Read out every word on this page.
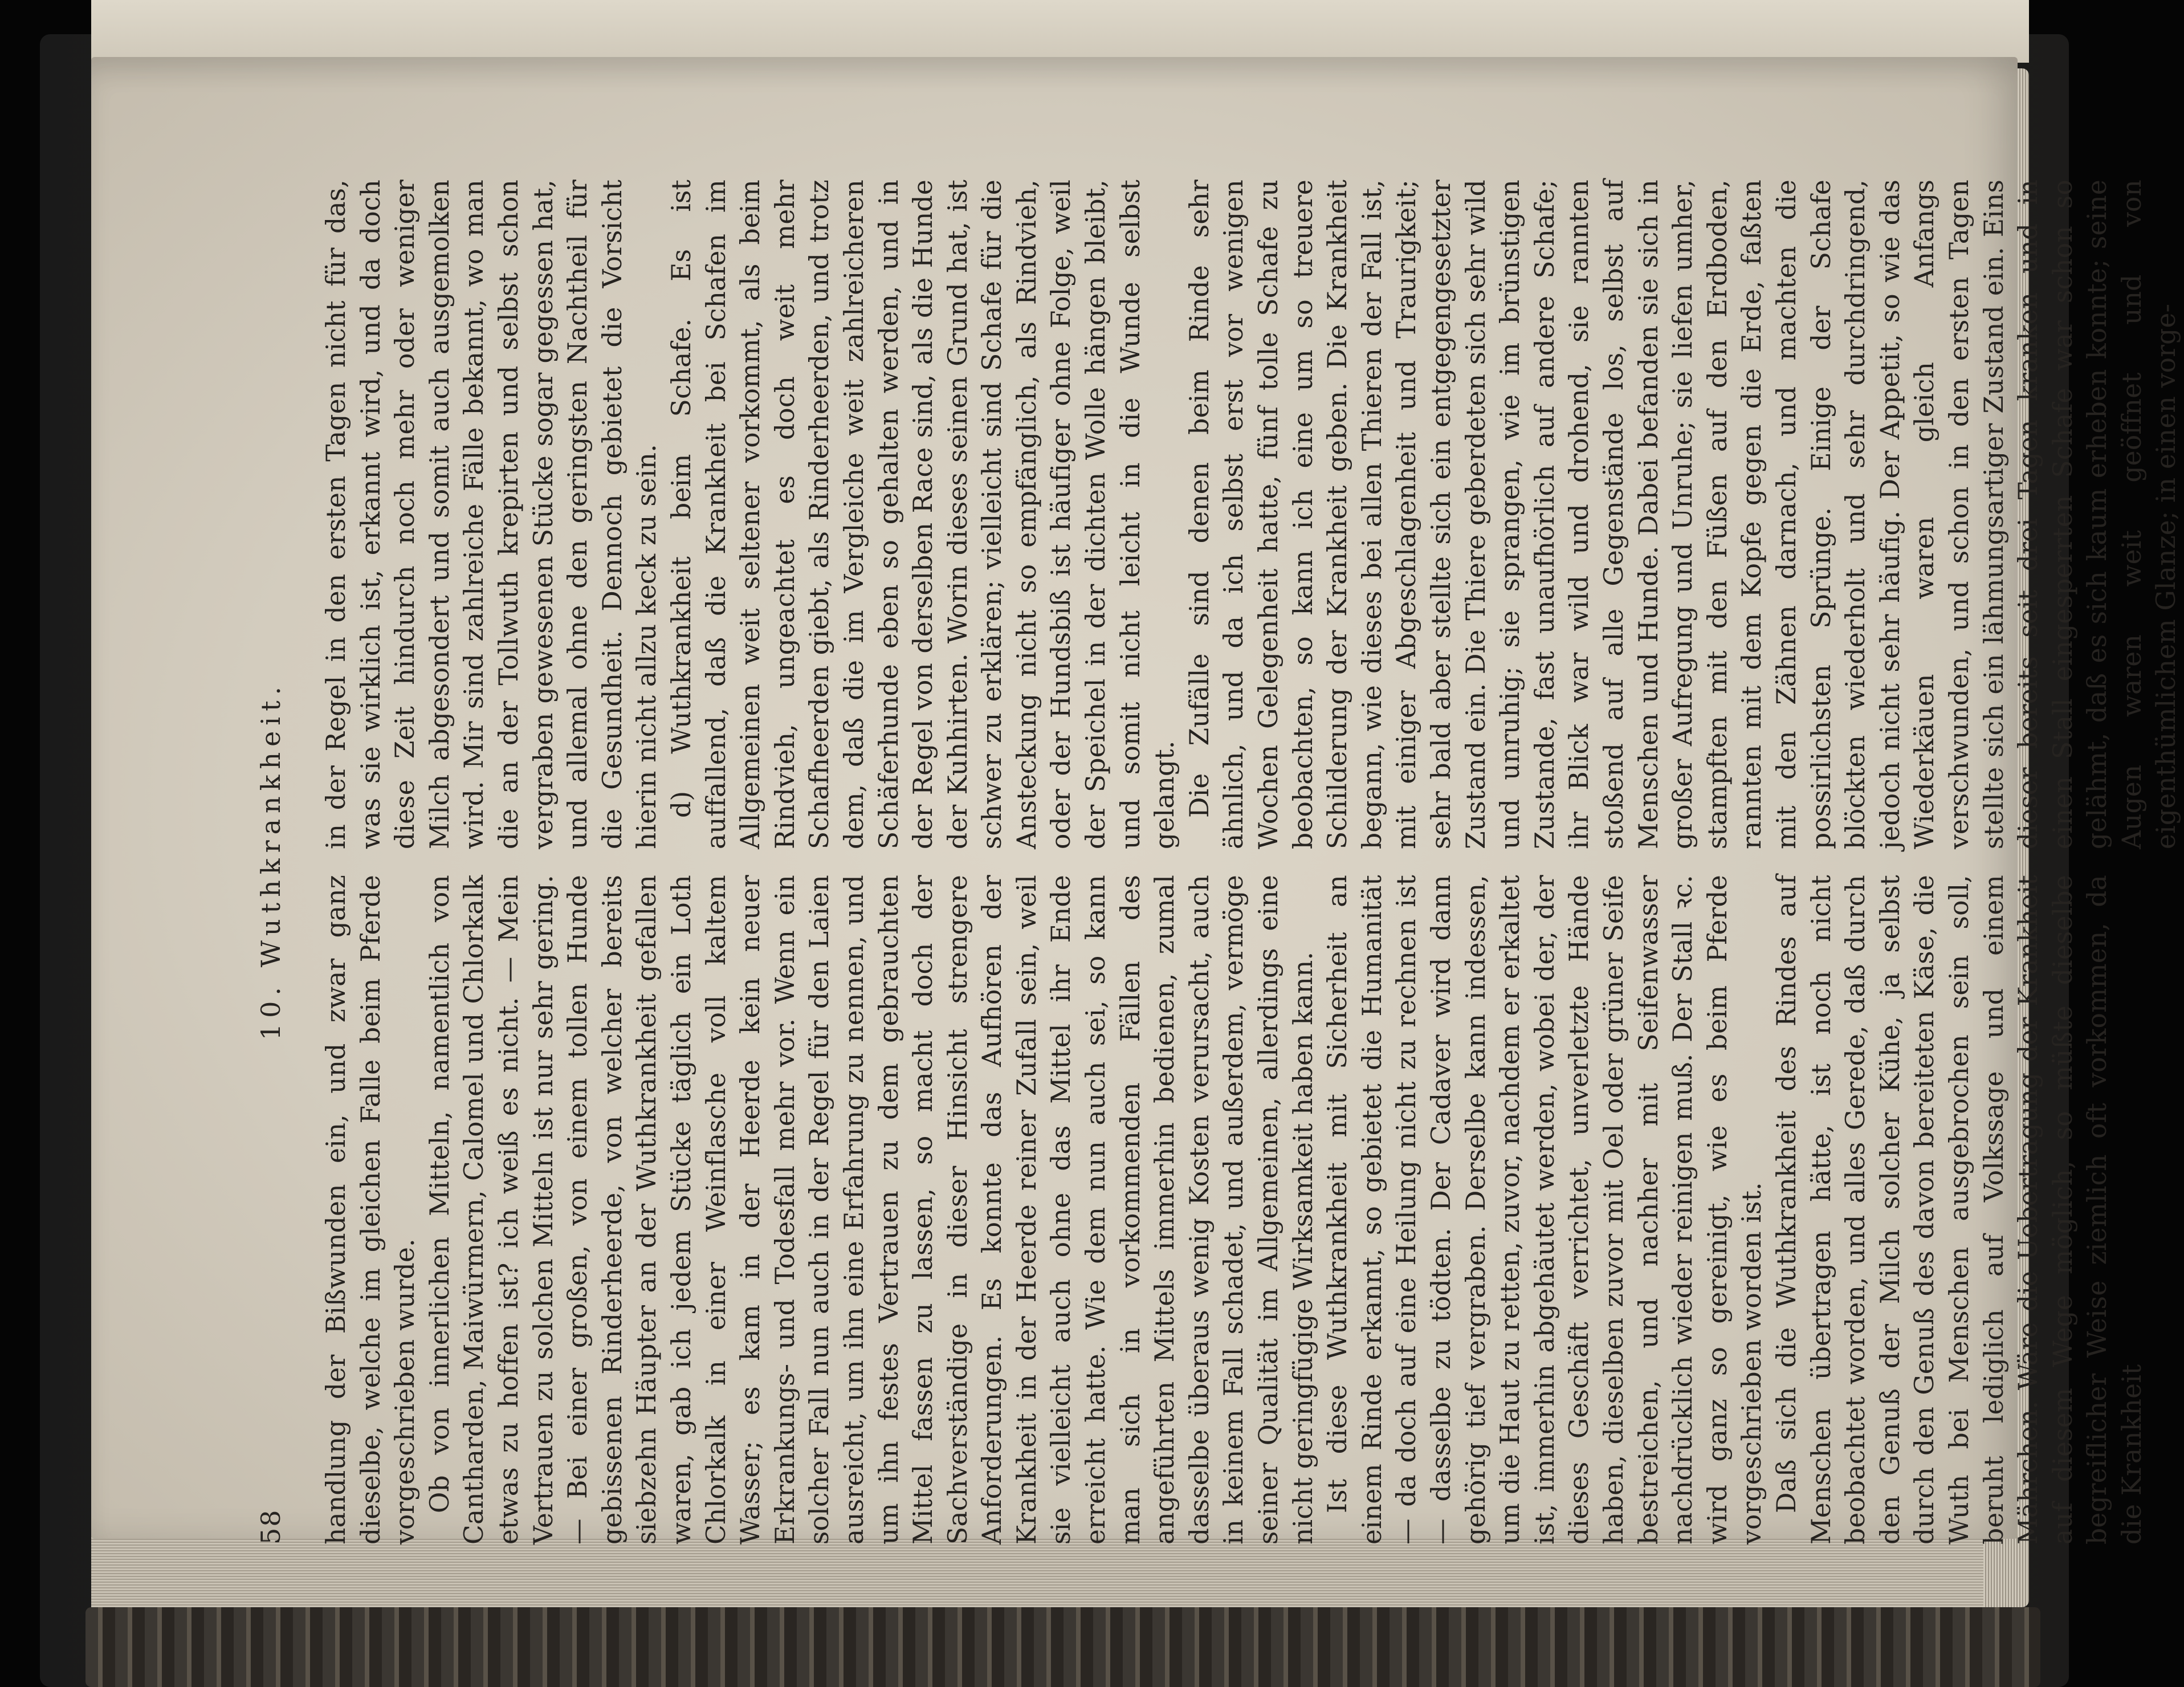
58
10. Wuthkrankheit.

handlung der Bißwunden ein, und zwar ganz dieselbe, welche im gleichen Falle beim Pferde vorgeschrieben wurde. Ob von innerlichen Mitteln, namentlich von Cantharden, Maiwürmern, Calomel und Chlorkalk etwas zu hoffen ist? ich weiß es nicht. — Mein Vertrauen zu solchen Mitteln ist nur sehr gering. — Bei einer großen, von einem tollen Hunde gebissenen Rinderheerde, von welcher bereits siebzehn Häupter an der Wuthkrankheit gefallen waren, gab ich jedem Stücke täglich ein Loth Chlorkalk in einer Weinflasche voll kaltem Wasser; es kam in der Heerde kein neuer Erkrankungs- und Todesfall mehr vor. Wenn ein solcher Fall nun auch in der Regel für den Laien ausreicht, um ihn eine Erfahrung zu nennen, und um ihn festes Vertrauen zu dem gebrauchten Mittel fassen zu lassen, so macht doch der Sachverständige in dieser Hinsicht strengere Anforderungen. Es konnte das Aufhören der Krankheit in der Heerde reiner Zufall sein, weil sie vielleicht auch ohne das Mittel ihr Ende erreicht hatte. Wie dem nun auch sei, so kann man sich in vorkommenden Fällen des angeführten Mittels immerhin bedienen, zumal dasselbe überaus wenig Kosten verursacht, auch in keinem Fall schadet, und außerdem, vermöge seiner Qualität im Allgemeinen, allerdings eine nicht geringfügige Wirksamkeit haben kann. Ist diese Wuthkrankheit mit Sicherheit an einem Rinde erkannt, so gebietet die Humanität — da doch auf eine Heilung nicht zu rechnen ist — dasselbe zu tödten. Der Cadaver wird dann gehörig tief vergraben. Derselbe kann indessen, um die Haut zu retten, zuvor, nachdem er erkaltet ist, immerhin abgehäutet werden, wobei der, der dieses Geschäft verrichtet, unverletzte Hände haben, dieselben zuvor mit Oel oder grüner Seife bestreichen, und nachher mit Seifenwasser nachdrücklich wieder reinigen muß. Der Stall ꝛc. wird ganz so gereinigt, wie es beim Pferde vorgeschrieben worden ist. Daß sich die Wuthkrankheit des Rindes auf Menschen übertragen hätte, ist noch nicht beobachtet worden, und alles Gerede, daß durch den Genuß der Milch solcher Kühe, ja selbst durch den Genuß des davon bereiteten Käse, die Wuth bei Menschen ausgebrochen sein soll, beruht lediglich auf Volkssage und einem Mährchen. Wäre die Uebertragung der Krankheit auf diesem Wege möglich, so müßte dieselbe begreiflicher Weise ziemlich oft vorkommen, da die Krankheit

in der Regel in den ersten Tagen nicht für das, was sie wirklich ist, erkannt wird, und da doch diese Zeit hindurch noch mehr oder weniger Milch abgesondert und somit auch ausgemolken wird. Mir sind zahlreiche Fälle bekannt, wo man die an der Tollwuth krepirten und selbst schon vergraben gewesenen Stücke sogar gegessen hat, und allemal ohne den geringsten Nachtheil für die Gesundheit. Dennoch gebietet die Vorsicht hierin nicht allzu keck zu sein. d) Wuthkrankheit beim Schafe. Es ist auffallend, daß die Krankheit bei Schafen im Allgemeinen weit seltener vorkommt, als beim Rindvieh, ungeachtet es doch weit mehr Schafheerden giebt, als Rinderheerden, und trotz dem, daß die im Vergleiche weit zahlreicheren Schäferhunde eben so gehalten werden, und in der Regel von derselben Race sind, als die Hunde der Kuhhirten. Worin dieses seinen Grund hat, ist schwer zu erklären; vielleicht sind Schafe für die Ansteckung nicht so empfänglich, als Rindvieh, oder der Hundsbiß ist häufiger ohne Folge, weil der Speichel in der dichten Wolle hängen bleibt, und somit nicht leicht in die Wunde selbst gelangt. Die Zufälle sind denen beim Rinde sehr ähnlich, und da ich selbst erst vor wenigen Wochen Gelegenheit hatte, fünf tolle Schafe zu beobachten, so kann ich eine um so treuere Schilderung der Krankheit geben. Die Krankheit begann, wie dieses bei allen Thieren der Fall ist, mit einiger Abgeschlagenheit und Traurigkeit; sehr bald aber stellte sich ein entgegengesetzter Zustand ein. Die Thiere geberdeten sich sehr wild und unruhig; sie sprangen, wie im brünstigen Zustande, fast unaufhörlich auf andere Schafe; ihr Blick war wild und drohend, sie rannten stoßend auf alle Gegenstände los, selbst auf Menschen und Hunde. Dabei befanden sie sich in großer Aufregung und Unruhe; sie liefen umher, stampften mit den Füßen auf den Erdboden, rannten mit dem Kopfe gegen die Erde, faßten mit den Zähnen darnach, und machten die possirlichsten Sprünge. Einige der Schafe blöckten wiederholt und sehr durchdringend, jedoch nicht sehr häufig. Der Appetit, so wie das Wiederkäuen waren gleich Anfangs verschwunden, und schon in den ersten Tagen stellte sich ein lähmungsartiger Zustand ein. Eins dieser bereits seit drei Tagen kranken und in einen Stall eingesperrten Schafe war schon so gelähmt, daß es sich kaum erheben konnte; seine Augen waren weit geöffnet und von eigenthümlichem Glanze; in einen vorge-
